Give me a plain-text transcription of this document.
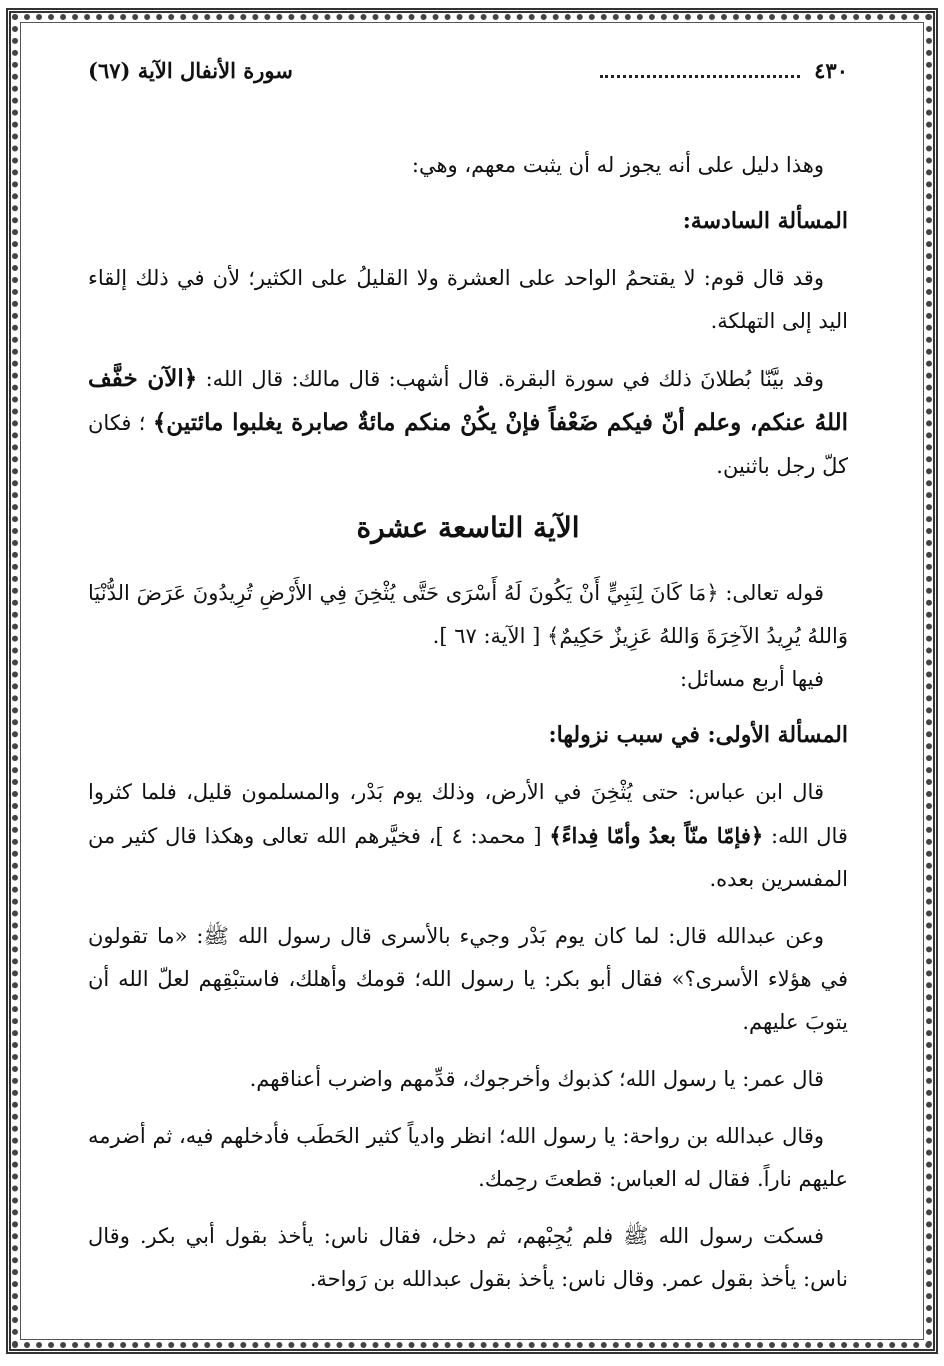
٤٣٠
سورة الأنفال الآية (٦٧)

وهذا دليل على أنه يجوز له أن يثبت معهم، وهي:

المسألة السادسة:

وقد قال قوم: لا يقتحمُ الواحد على العشرة ولا القليلُ على الكثير؛ لأن في ذلك إلقاء اليد إلى التهلكة.

وقد بيَّنّا بُطلانَ ذلك في سورة البقرة. قال أشهب: قال مالك: قال الله: ﴿الآن خفَّف اللهُ عنكم، وعلم أنّ فيكم ضَعْفاً فإنْ يكُنْ منكم مائةٌ صابرة يغلبوا مائتين﴾ ؛ فكان كلّ رجل باثنين.

الآية التاسعة عشرة

قوله تعالى: ﴿مَا كَانَ لِنَبِيٍّ أَنْ يَكُونَ لَهُ أَسْرَى حَتَّى يُثْخِنَ فِي الأَرْضِ تُرِيدُونَ عَرَضَ الدُّنْيَا وَاللهُ يُرِيدُ الآخِرَةَ وَاللهُ عَزِيزٌ حَكِيمٌ﴾ [ الآية: ٦٧ ].

فيها أربع مسائل:

المسألة الأولى: في سبب نزولها:

قال ابن عباس: حتى يُثْخِنَ في الأرض، وذلك يوم بَدْر، والمسلمون قليل، فلما كثروا قال الله: ﴿فإمّا منّاً بعدُ وأمّا فِداءً﴾ [ محمد: ٤ ]، فخيَّرهم الله تعالى وهكذا قال كثير من المفسرين بعده.

وعن عبدالله قال: لما كان يوم بَدْر وجيء بالأسرى قال رسول الله ﷺ: «ما تقولون في هؤلاء الأسرى؟» فقال أبو بكر: يا رسول الله؛ قومك وأهلك، فاستبْقِهم لعلّ الله أن يتوبَ عليهم.

قال عمر: يا رسول الله؛ كذبوك وأخرجوك، قدِّمهم واضرب أعناقهم.

وقال عبدالله بن رواحة: يا رسول الله؛ انظر وادياً كثير الحَطَب فأدخلهم فيه، ثم أضرمه عليهم ناراً. فقال له العباس: قطعتَ رحِمك.

فسكت رسول الله ﷺ فلم يُجِبْهم، ثم دخل، فقال ناس: يأخذ بقول أبي بكر. وقال ناس: يأخذ بقول عمر. وقال ناس: يأخذ بقول عبدالله بن رَواحة.
